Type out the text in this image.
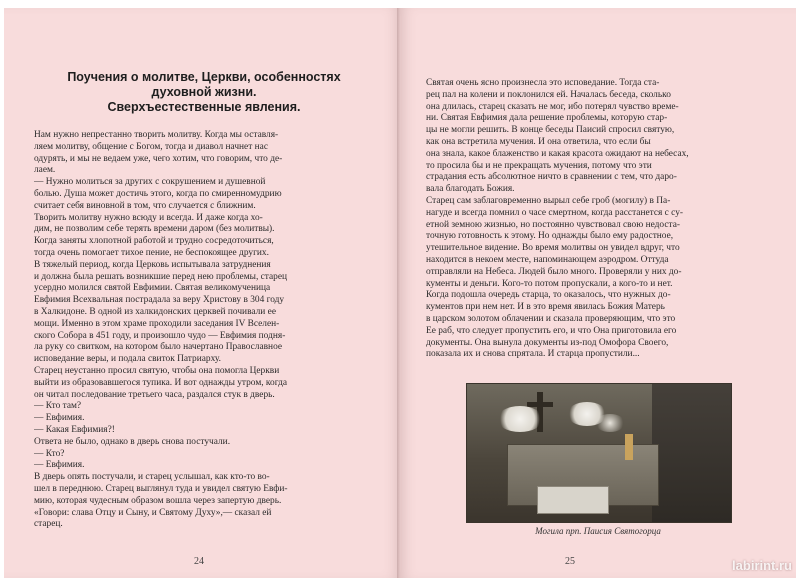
Поучения о молитве, Церкви, особенностях
духовной жизни.
Сверхъестественные явления.
Нам нужно непрестанно творить молитву. Когда мы оставля-
ляем молитву, общение с Богом, тогда и диавол начнет нас
одурять, и мы не ведаем уже, чего хотим, что говорим, что де-
лаем.
— Нужно молиться за других с сокрушением и душевной
болью. Душа может достичь этого, когда по смиренномудрию
считает себя виновной в том, что случается с ближним.
Творить молитву нужно всюду и всегда. И даже когда хо-
дим, не позволим себе терять времени даром (без молитвы).
Когда заняты хлопотной работой и трудно сосредоточиться,
тогда очень помогает тихое пение, не беспокоящее других.
В тяжелый период, когда Церковь испытывала затруднения
и должна была решать возникшие перед нею проблемы, старец
усердно молился святой Евфимии. Святая великомученица
Евфимия Всехвальная пострадала за веру Христову в 304 году
в Халкидоне. В одной из халкидонских церквей почивали ее
мощи. Именно в этом храме проходили заседания IV Вселен-
ского Собора в 451 году, и произошло чудо — Евфимия подня-
ла руку со свитком, на котором было начертано Православное
исповедание веры, и подала свиток Патриарху.
Старец неустанно просил святую, чтобы она помогла Церкви
выйти из образовавшегося тупика. И вот однажды утром, когда
он читал последование третьего часа, раздался стук в дверь.
— Кто там?
— Евфимия.
— Какая Евфимия?!
Ответа не было, однако в дверь снова постучали.
— Кто?
— Евфимия.
В дверь опять постучали, и старец услышал, как кто-то во-
шел в переднюю. Старец выглянул туда и увидел святую Евфи-
мию, которая чудесным образом вошла через запертую дверь.
«Говори: слава Отцу и Сыну, и Святому Духу»,— сказал ей
старец.
24
Святая очень ясно произнесла это исповедание. Тогда ста-
рец пал на колени и поклонился ей. Началась беседа, сколько
она длилась, старец сказать не мог, ибо потерял чувство време-
ни. Святая Евфимия дала решение проблемы, которую стар-
цы не могли решить. В конце беседы Паисий спросил святую,
как она встретила мучения. И она ответила, что если бы
она знала, какое блаженство и какая красота ожидают на небесах,
то просила бы и не прекращать мучения, потому что эти
страдания есть абсолютное ничто в сравнении с тем, что даро-
вала благодать Божия.
Старец сам заблаговременно вырыл себе гроб (могилу) в Па-
нагуде и всегда помнил о часе смертном, когда расстанется с су-
етной земною жизнью, но постоянно чувствовал свою недоста-
точную готовность к этому. Но однажды было ему радостное,
утешительное видение. Во время молитвы он увидел вдруг, что
находится в некоем месте, напоминающем аэродром. Оттуда
отправляли на Небеса. Людей было много. Проверяли у них до-
кументы и деньги. Кого-то потом пропускали, а кого-то и нет.
Когда подошла очередь старца, то оказалось, что нужных до-
кументов при нем нет. И в это время явилась Божия Матерь
в царском золотом облачении и сказала проверяющим, что это
Ее раб, что следует пропустить его, и что Она приготовила его
документы. Она вынула документы из-под Омофора Своего,
показала их и снова спрятала. И старца пропустили...
Могила прп. Паисия Святогорца
25	labirint.ru
